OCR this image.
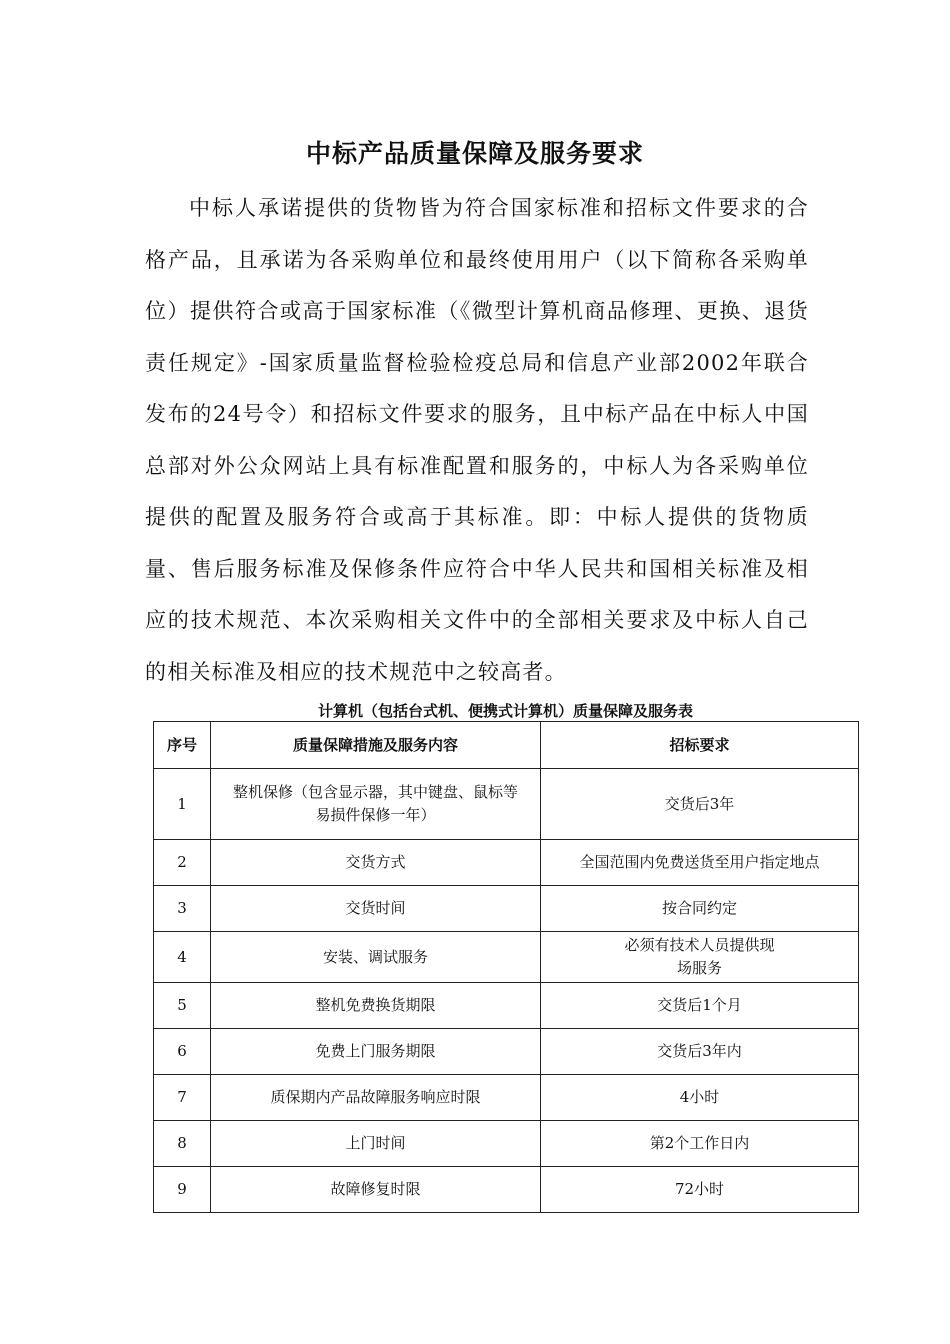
中标产品质量保障及服务要求

中标人承诺提供的货物皆为符合国家标准和招标文件要求的合格产品，且承诺为各采购单位和最终使用用户（以下简称各采购单位）提供符合或高于国家标准（《微型计算机商品修理、更换、退货责任规定》-国家质量监督检验检疫总局和信息产业部2002年联合发布的24号令）和招标文件要求的服务，且中标产品在中标人中国总部对外公众网站上具有标准配置和服务的，中标人为各采购单位提供的配置及服务符合或高于其标准。即：中标人提供的货物质量、售后服务标准及保修条件应符合中华人民共和国相关标准及相应的技术规范、本次采购相关文件中的全部相关要求及中标人自己的相关标准及相应的技术规范中之较高者。

计算机（包括台式机、便携式计算机）质量保障及服务表
序号	质量保障措施及服务内容	招标要求
1	整机保修（包含显示器，其中键盘、鼠标等易损件保修一年）	交货后3年
2	交货方式	全国范围内免费送货至用户指定地点
3	交货时间	按合同约定
4	安装、调试服务	必须有技术人员提供现场服务
5	整机免费换货期限	交货后1个月
6	免费上门服务期限	交货后3年内
7	质保期内产品故障服务响应时限	4小时
8	上门时间	第2个工作日内
9	故障修复时限	72小时
